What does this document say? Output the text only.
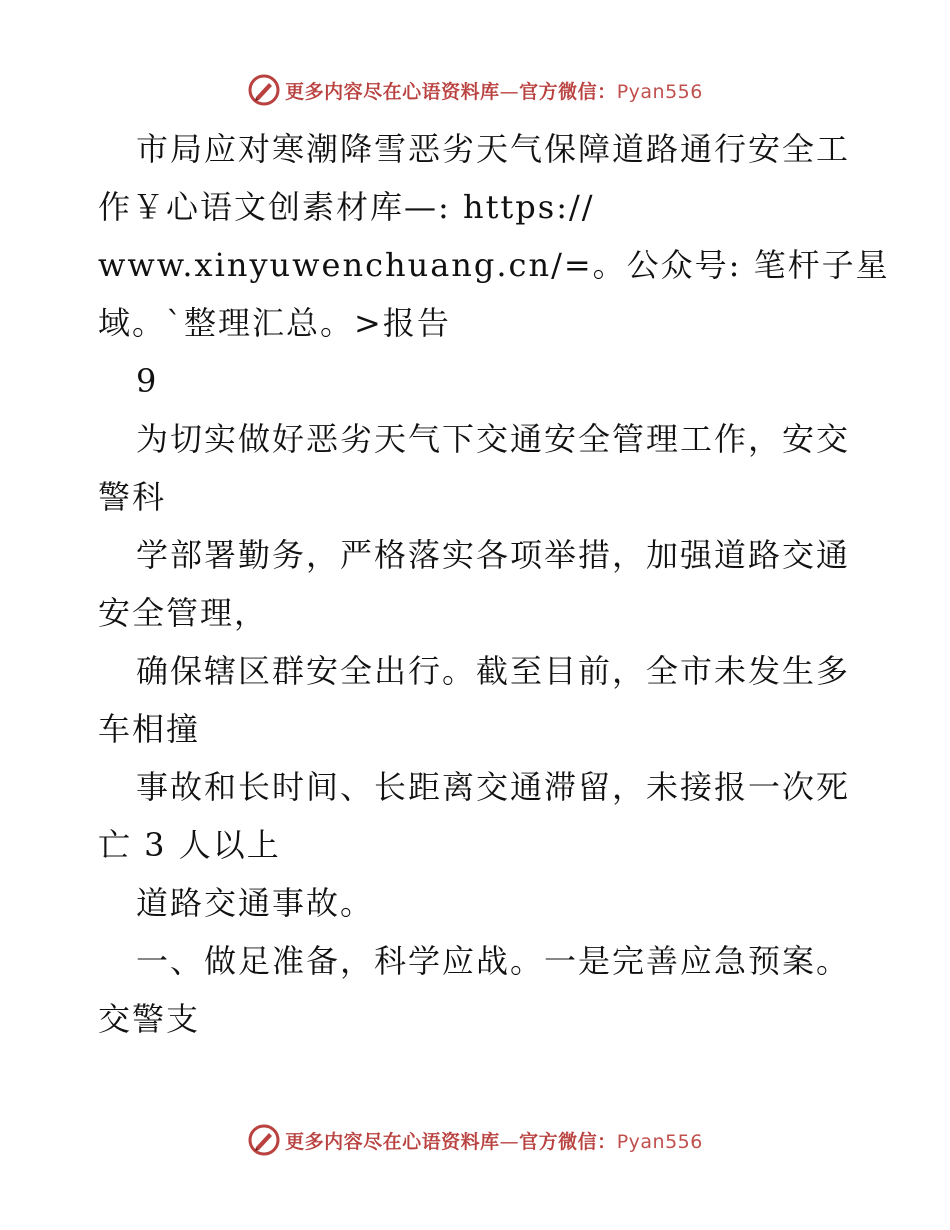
更多内容尽在心语资料库—官方微信：Pyan556
市局应对寒潮降雪恶劣天气保障道路通行安全工
作￥心语文创素材库—: https://
www.xinyuwenchuang.cn/=。公众号: 笔杆子星
域。`整理汇总。>报告
9
为切实做好恶劣天气下交通安全管理工作，安交
警科
学部署勤务，严格落实各项举措，加强道路交通
安全管理，
确保辖区群安全出行。截至目前，全市未发生多
车相撞
事故和长时间、长距离交通滞留，未接报一次死
亡 3 人以上
道路交通事故。
一、做足准备，科学应战。一是完善应急预案。
交警支
更多内容尽在心语资料库—官方微信：Pyan556
